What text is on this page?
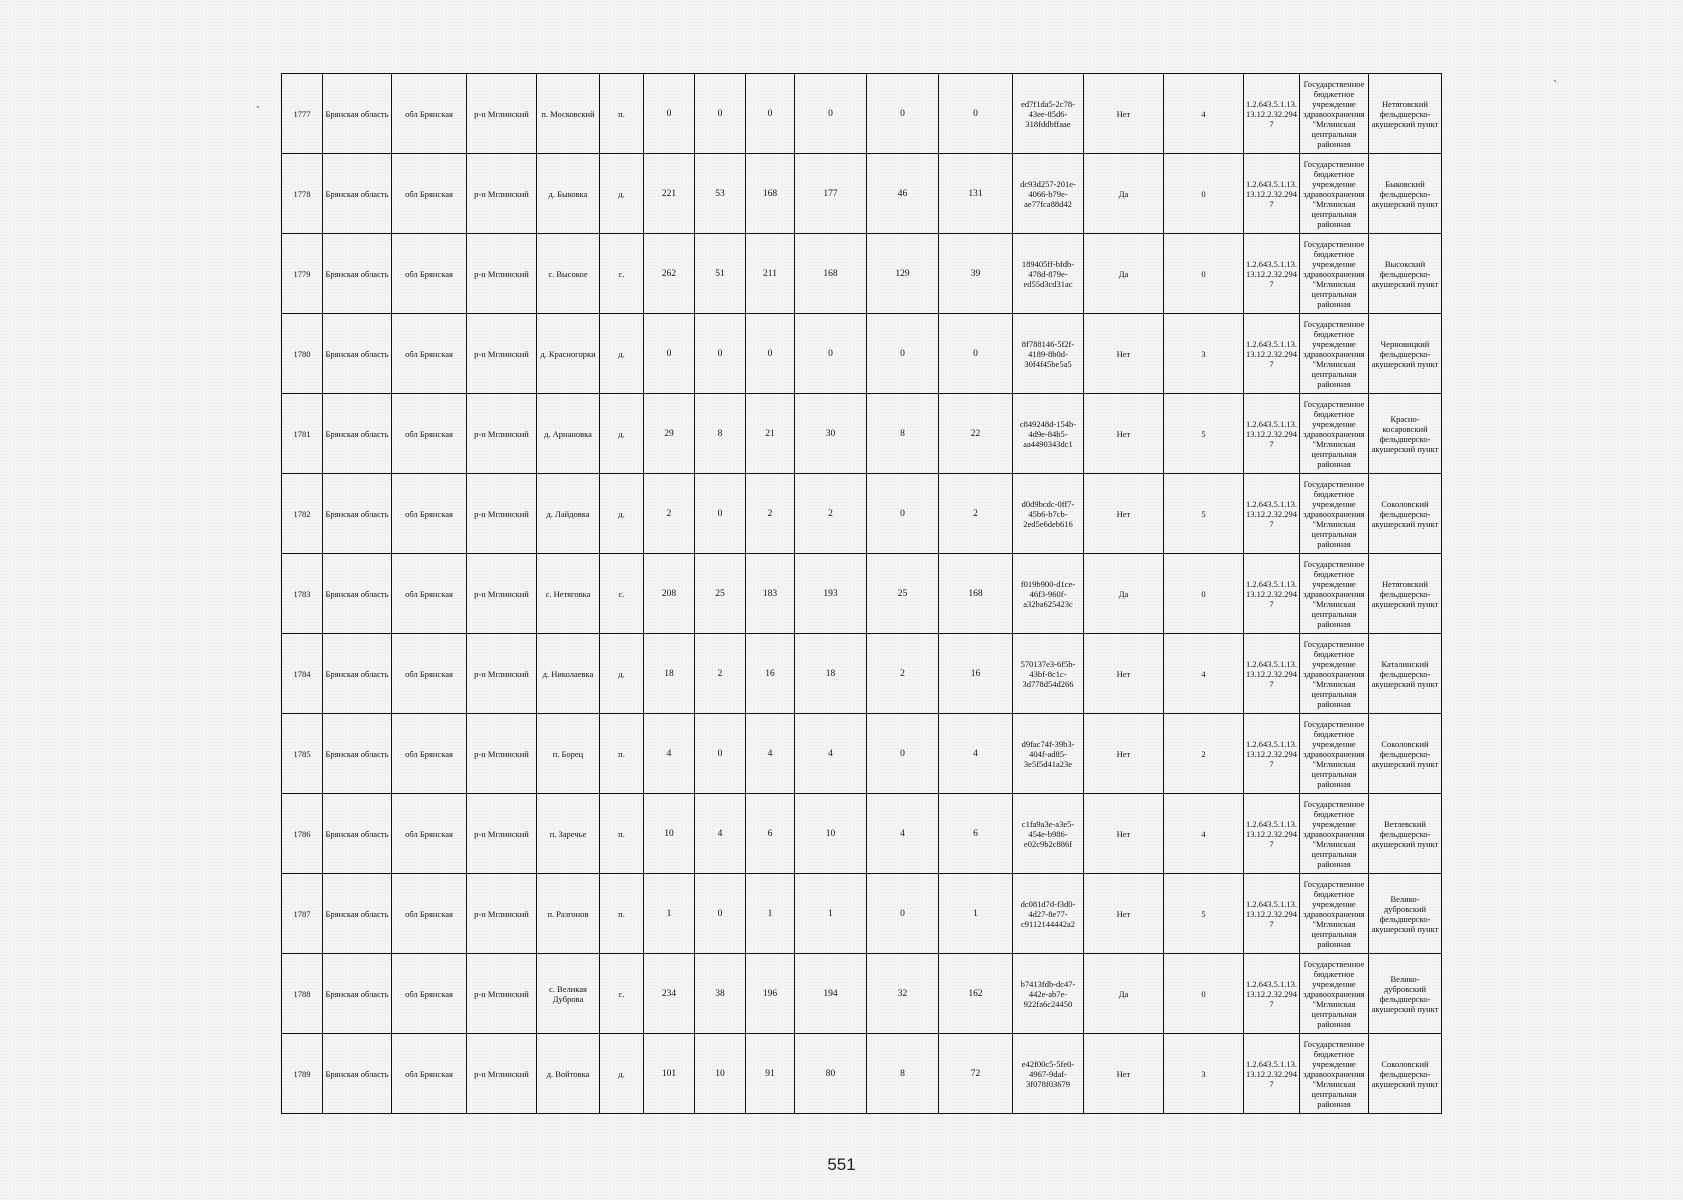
`
`
1777	Брянская область	обл Брянская	р-н Мглинский	п. Московский	п.	0	0	0	0	0	0	ed7f1da5-2c78-43ee-85d6-318fddbffaae	Нет	4	1.2.643.5.1.13.13.12.2.32.2947	Государственное бюджетное учреждение здравоохранения "Мглинская центральная районная	Нетяговский фельдшерско-акушерский пункт
1778	Брянская область	обл Брянская	р-н Мглинский	д. Быковка	д.	221	53	168	177	46	131	dc93d257-201e-4066-b79e-ae77fca88d42	Да	0	1.2.643.5.1.13.13.12.2.32.2947	Государственное бюджетное учреждение здравоохранения "Мглинская центральная районная	Быковский фельдшерско-акушерский пункт
1779	Брянская область	обл Брянская	р-н Мглинский	с. Высокое	с.	262	51	211	168	129	39	189405ff-bfdb-478d-879e-ed55d3cd31ac	Да	0	1.2.643.5.1.13.13.12.2.32.2947	Государственное бюджетное учреждение здравоохранения "Мглинская центральная районная	Высокский фельдшерско-акушерский пункт
1780	Брянская область	обл Брянская	р-н Мглинский	д. Красногорки	д.	0	0	0	0	0	0	8f788146-5f2f-4189-8b0d-30f4f45be5a5	Нет	3	1.2.643.5.1.13.13.12.2.32.2947	Государственное бюджетное учреждение здравоохранения "Мглинская центральная районная	Черновицкий фельдшерско-акушерский пункт
1781	Брянская область	обл Брянская	р-н Мглинский	д. Арнановка	д.	29	8	21	30	8	22	c849248d-154b-4d9e-84b5-aa4490343dc1	Нет	5	1.2.643.5.1.13.13.12.2.32.2947	Государственное бюджетное учреждение здравоохранения "Мглинская центральная районная	Красно-косаровский фельдшерско-акушерский пункт
1782	Брянская область	обл Брянская	р-н Мглинский	д. Лайдовка	д.	2	0	2	2	0	2	d0d9bcdc-0ff7-45b6-b7cb-2ed5e6deb616	Нет	5	1.2.643.5.1.13.13.12.2.32.2947	Государственное бюджетное учреждение здравоохранения "Мглинская центральная районная	Соколовский фельдшерско-акушерский пункт
1783	Брянская область	обл Брянская	р-н Мглинский	с. Нетяговка	с.	208	25	183	193	25	168	f019b900-d1ce-46f3-960f-a32ba625423c	Да	0	1.2.643.5.1.13.13.12.2.32.2947	Государственное бюджетное учреждение здравоохранения "Мглинская центральная районная	Нетяговский фельдшерско-акушерский пункт
1784	Брянская область	обл Брянская	р-н Мглинский	д. Николаевка	д.	18	2	16	18	2	16	570137e3-6f5b-43bf-8c1c-3d778d54d266	Нет	4	1.2.643.5.1.13.13.12.2.32.2947	Государственное бюджетное учреждение здравоохранения "Мглинская центральная районная	Каталинский фельдшерско-акушерский пункт
1785	Брянская область	обл Брянская	р-н Мглинский	п. Борец	п.	4	0	4	4	0	4	d9fac74f-39b3-404f-ad85-3e5f5d41a23e	Нет	2	1.2.643.5.1.13.13.12.2.32.2947	Государственное бюджетное учреждение здравоохранения "Мглинская центральная районная	Соколовский фельдшерско-акушерский пункт
1786	Брянская область	обл Брянская	р-н Мглинский	п. Заречье	п.	10	4	6	10	4	6	c1fa9a3e-a3e5-454e-b986-e02c9b2c886f	Нет	4	1.2.643.5.1.13.13.12.2.32.2947	Государственное бюджетное учреждение здравоохранения "Мглинская центральная районная	Ветлевский фельдшерско-акушерский пункт
1787	Брянская область	обл Брянская	р-н Мглинский	п. Разгонов	п.	1	0	1	1	0	1	dc081d7d-f3d0-4d27-8e77-c9112144442a2	Нет	5	1.2.643.5.1.13.13.12.2.32.2947	Государственное бюджетное учреждение здравоохранения "Мглинская центральная районная	Велико-дубровский фельдшерско-акушерский пункт
1788	Брянская область	обл Брянская	р-н Мглинский	с. Великая Дуброва	с.	234	38	196	194	32	162	b7413fdb-dc47-442e-ab7e-922fa6c24450	Да	0	1.2.643.5.1.13.13.12.2.32.2947	Государственное бюджетное учреждение здравоохранения "Мглинская центральная районная	Велико-дубровский фельдшерско-акушерский пункт
1789	Брянская область	обл Брянская	р-н Мглинский	д. Войтовка	д.	101	10	91	80	8	72	e42f00c5-5fe0-4967-9daf-3f078f03679	Нет	3	1.2.643.5.1.13.13.12.2.32.2947	Государственное бюджетное учреждение здравоохранения "Мглинская центральная районная	Соколовский фельдшерско-акушерский пункт
551
